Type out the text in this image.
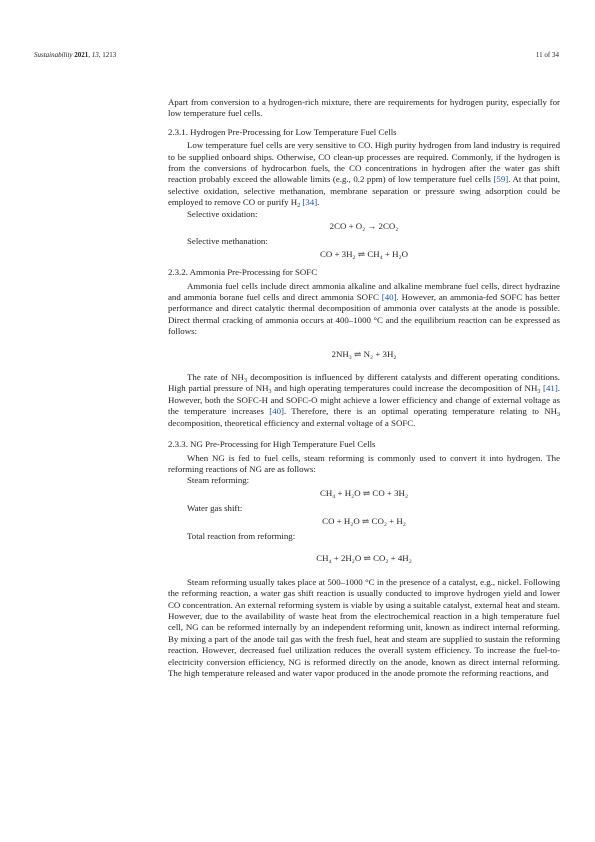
Sustainability 2021, 13, 1213	11 of 34

Apart from conversion to a hydrogen-rich mixture, there are requirements for hydrogen purity, especially for low temperature fuel cells.

2.3.1. Hydrogen Pre-Processing for Low Temperature Fuel Cells

Low temperature fuel cells are very sensitive to CO. High purity hydrogen from land industry is required to be supplied onboard ships. Otherwise, CO clean-up processes are required. Commonly, if the hydrogen is from the conversions of hydrocarbon fuels, the CO concentrations in hydrogen after the water gas shift reaction probably exceed the allowable limits (e.g., 0.2 ppm) of low temperature fuel cells [59]. At that point, selective oxidation, selective methanation, membrane separation or pressure swing adsorption could be employed to remove CO or purify $H_2$ [34].

Selective oxidation:

2CO + O₂ → 2CO₂

Selective methanation:

CO + 3H₂ ⇌ CH₄ + H₂O

2.3.2. Ammonia Pre-Processing for SOFC

Ammonia fuel cells include direct ammonia alkaline and alkaline membrane fuel cells, direct hydrazine and ammonia borane fuel cells and direct ammonia SOFC [40]. However, an ammonia-fed SOFC has better performance and direct catalytic thermal decomposition of ammonia over catalysts at the anode is possible. Direct thermal cracking of ammonia occurs at 400–1000 °C and the equilibrium reaction can be expressed as follows:

2NH₃ ⇌ N₂ + 3H₂

The rate of $NH_3$ decomposition is influenced by different catalysts and different operating conditions. High partial pressure of $NH_3$ and high operating temperatures could increase the decomposition of $NH_3$ [41]. However, both the SOFC-H and SOFC-O might achieve a lower efficiency and change of external voltage as the temperature increases [40]. Therefore, there is an optimal operating temperature relating to $NH_3$ decomposition, theoretical efficiency and external voltage of a SOFC.

2.3.3. NG Pre-Processing for High Temperature Fuel Cells

When NG is fed to fuel cells, steam reforming is commonly used to convert it into hydrogen. The reforming reactions of NG are as follows:

Steam reforming:

CH₄ + H₂O ⇌ CO + 3H₂

Water gas shift:

CO + H₂O ⇌ CO₂ + H₂

Total reaction from reforming:

CH₄ + 2H₂O ⇌ CO₂ + 4H₂

Steam reforming usually takes place at 500–1000 °C in the presence of a catalyst, e.g., nickel. Following the reforming reaction, a water gas shift reaction is usually conducted to improve hydrogen yield and lower CO concentration. An external reforming system is viable by using a suitable catalyst, external heat and steam. However, due to the availability of waste heat from the electrochemical reaction in a high temperature fuel cell, NG can be reformed internally by an independent reforming unit, known as indirect internal reforming. By mixing a part of the anode tail gas with the fresh fuel, heat and steam are supplied to sustain the reforming reaction. However, decreased fuel utilization reduces the overall system efficiency. To increase the fuel-to-electricity conversion efficiency, NG is reformed directly on the anode, known as direct internal reforming. The high temperature released and water vapor produced in the anode promote the reforming reactions, and
